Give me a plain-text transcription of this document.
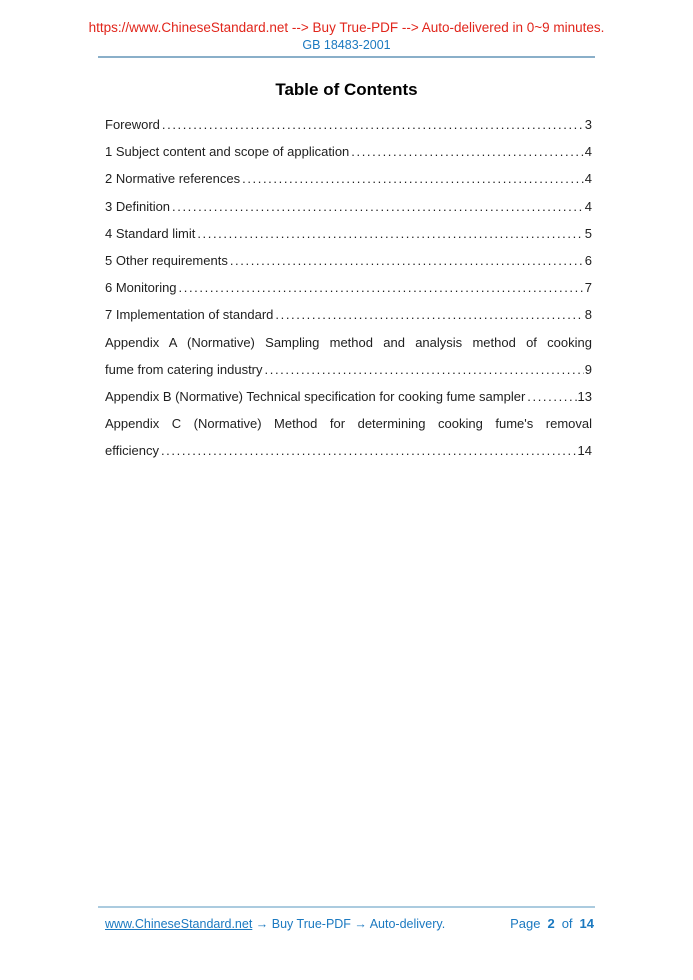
https://www.ChineseStandard.net --> Buy True-PDF --> Auto-delivered in 0~9 minutes.
GB 18483-2001
Table of Contents
Foreword .....	3
1 Subject content and scope of application .....	4
2 Normative references .....	4
3 Definition .....	4
4 Standard limit .....	5
5 Other requirements .....	6
6 Monitoring .....	7
7 Implementation of standard .....	8
Appendix A (Normative) Sampling method and analysis method of cooking
fume from catering industry .....	9
Appendix B (Normative) Technical specification for cooking fume sampler .....	13
Appendix C (Normative) Method for determining cooking fume's removal
efficiency .....	14
www.ChineseStandard.net → Buy True-PDF → Auto-delivery.	Page 2 of 14
